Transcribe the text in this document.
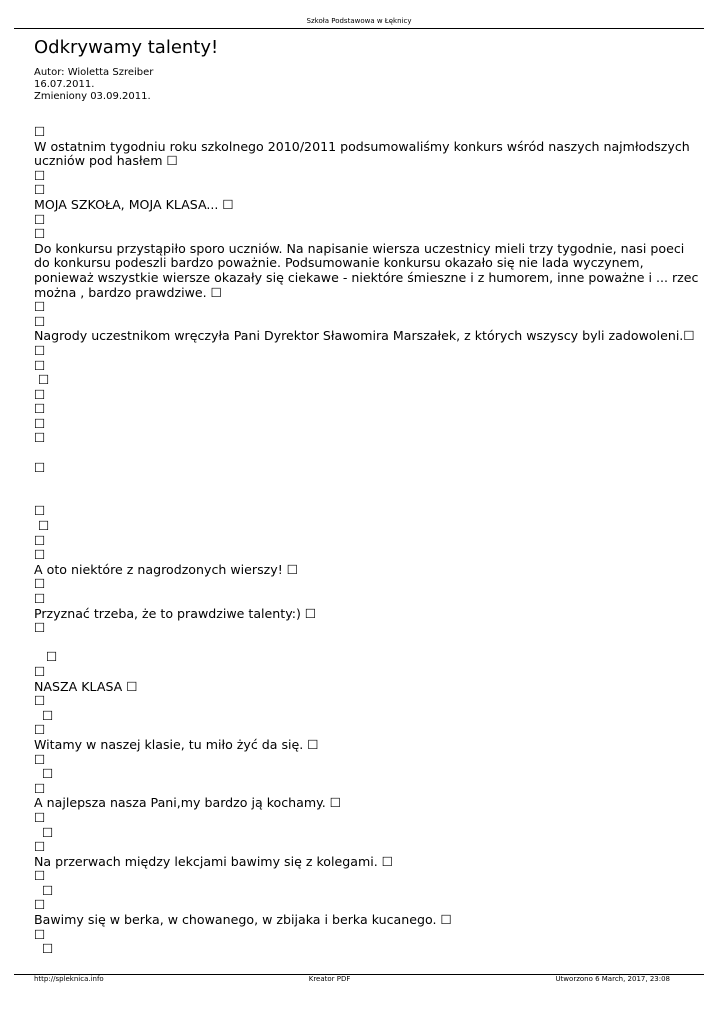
Szkoła Podstawowa w Łęknicy
Odkrywamy talenty!
Autor: Wioletta Szreiber
16.07.2011.
Zmieniony 03.09.2011.
☐
W ostatnim tygodniu roku szkolnego 2010/2011 podsumowaliśmy konkurs wśród naszych najmłodszych
uczniów pod hasłem ☐
☐
☐
MOJA SZKOŁA, MOJA KLASA... ☐
☐
☐
Do konkursu przystąpiło sporo uczniów. Na napisanie wiersza uczestnicy mieli trzy tygodnie, nasi poeci
do konkursu podeszli bardzo poważnie. Podsumowanie konkursu okazało się nie lada wyczynem,
ponieważ wszystkie wiersze okazały się ciekawe - niektóre śmieszne i z humorem, inne poważne i ... rzec
można , bardzo prawdziwe. ☐
☐
☐
Nagrody uczestnikom wręczyła Pani Dyrektor Sławomira Marszałek, z których wszyscy byli zadowoleni.☐
☐
☐
☐
☐
☐
☐
☐
☐
☐
☐
☐
☐
A oto niektóre z nagrodzonych wierszy! ☐
☐
☐
Przyznać trzeba, że to prawdziwe talenty:) ☐
☐
☐
☐
NASZA KLASA ☐
☐
☐
☐
Witamy w naszej klasie, tu miło żyć da się. ☐
☐
☐
☐
A najlepsza nasza Pani,my bardzo ją kochamy. ☐
☐
☐
☐
Na przerwach między lekcjami bawimy się z kolegami. ☐
☐
☐
☐
Bawimy się w berka, w chowanego, w zbijaka i berka kucanego. ☐
☐
☐
http://spleknica.info	Kreator PDF	Utworzono 6 March, 2017, 23:08
